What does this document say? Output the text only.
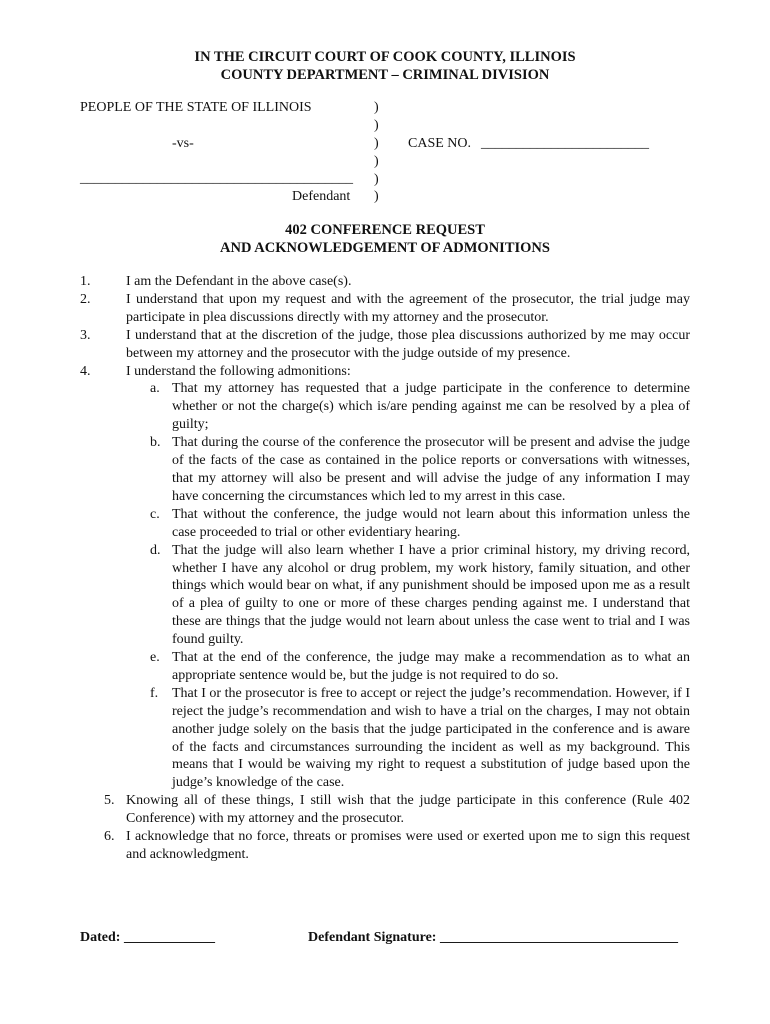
IN THE CIRCUIT COURT OF COOK COUNTY, ILLINOIS
COUNTY DEPARTMENT – CRIMINAL DIVISION
PEOPLE OF THE STATE OF ILLINOIS
-vs-
_______________________________________
Defendant
)
)
)
)
)
)
CASE NO. ________________________
402 CONFERENCE REQUEST
AND ACKNOWLEDGEMENT OF ADMONITIONS
1.	I am the Defendant in the above case(s).
2.	I understand that upon my request and with the agreement of the prosecutor, the trial judge may participate in plea discussions directly with my attorney and the prosecutor.
3.	I understand that at the discretion of the judge, those plea discussions authorized by me may occur between my attorney and the prosecutor with the judge outside of my presence.
4.	I understand the following admonitions:
a. That my attorney has requested that a judge participate in the conference to determine whether or not the charge(s) which is/are pending against me can be resolved by a plea of guilty;
b. That during the course of the conference the prosecutor will be present and advise the judge of the facts of the case as contained in the police reports or conversations with witnesses, that my attorney will also be present and will advise the judge of any information I may have concerning the circumstances which led to my arrest in this case.
c. That without the conference, the judge would not learn about this information unless the case proceeded to trial or other evidentiary hearing.
d. That the judge will also learn whether I have a prior criminal history, my driving record, whether I have any alcohol or drug problem, my work history, family situation, and other things which would bear on what, if any punishment should be imposed upon me as a result of a plea of guilty to one or more of these charges pending against me. I understand that these are things that the judge would not learn about unless the case went to trial and I was found guilty.
e. That at the end of the conference, the judge may make a recommendation as to what an appropriate sentence would be, but the judge is not required to do so.
f. That I or the prosecutor is free to accept or reject the judge’s recommendation. However, if I reject the judge’s recommendation and wish to have a trial on the charges, I may not obtain another judge solely on the basis that the judge participated in the conference and is aware of the facts and circumstances surrounding the incident as well as my background. This means that I would be waiving my right to request a substitution of judge based upon the judge’s knowledge of the case.
5. Knowing all of these things, I still wish that the judge participate in this conference (Rule 402 Conference) with my attorney and the prosecutor.
6. I acknowledge that no force, threats or promises were used or exerted upon me to sign this request and acknowledgment.
Dated: _____________	Defendant Signature: __________________________________
